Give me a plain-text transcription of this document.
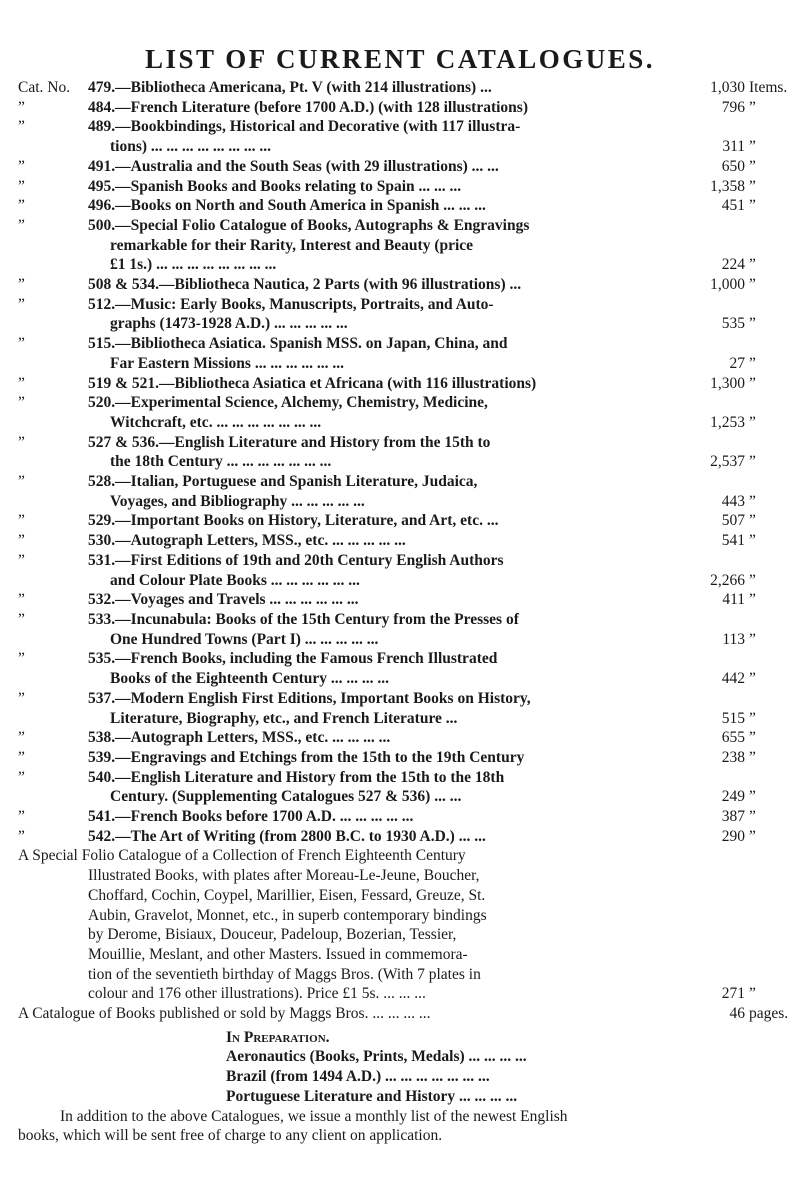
LIST OF CURRENT CATALOGUES.
Cat. No.	479.—Bibliotheca Americana, Pt. V (with 214 illustrations) ...	1,030 Items.
”	484.—French Literature (before 1700 A.D.) (with 128 illustrations)	796 ”
”	489.—Bookbindings, Historical and Decorative (with 117 illustra-
tions) ... ... ... ... ... ... ... ...	311 ”
”	491.—Australia and the South Seas (with 29 illustrations) ... ...	650 ”
”	495.—Spanish Books and Books relating to Spain ... ... ...	1,358 ”
”	496.—Books on North and South America in Spanish ... ... ...	451 ”
”	500.—Special Folio Catalogue of Books, Autographs & Engravings
remarkable for their Rarity, Interest and Beauty (price
£1 1s.) ... ... ... ... ... ... ... ...	224 ”
”	508 & 534.—Bibliotheca Nautica, 2 Parts (with 96 illustrations) ...	1,000 ”
”	512.—Music: Early Books, Manuscripts, Portraits, and Auto-
graphs (1473-1928 A.D.) ... ... ... ... ...	535 ”
”	515.—Bibliotheca Asiatica. Spanish MSS. on Japan, China, and
Far Eastern Missions ... ... ... ... ... ...	27 ”
”	519 & 521.—Bibliotheca Asiatica et Africana (with 116 illustrations)	1,300 ”
”	520.—Experimental Science, Alchemy, Chemistry, Medicine,
Witchcraft, etc. ... ... ... ... ... ... ...	1,253 ”
”	527 & 536.—English Literature and History from the 15th to
the 18th Century ... ... ... ... ... ... ...	2,537 ”
”	528.—Italian, Portuguese and Spanish Literature, Judaica,
Voyages, and Bibliography ... ... ... ... ...	443 ”
”	529.—Important Books on History, Literature, and Art, etc. ...	507 ”
”	530.—Autograph Letters, MSS., etc. ... ... ... ... ...	541 ”
”	531.—First Editions of 19th and 20th Century English Authors
and Colour Plate Books ... ... ... ... ... ...	2,266 ”
”	532.—Voyages and Travels ... ... ... ... ... ...	411 ”
”	533.—Incunabula: Books of the 15th Century from the Presses of
One Hundred Towns (Part I) ... ... ... ... ...	113 ”
”	535.—French Books, including the Famous French Illustrated
Books of the Eighteenth Century ... ... ... ...	442 ”
”	537.—Modern English First Editions, Important Books on History,
Literature, Biography, etc., and French Literature ...	515 ”
”	538.—Autograph Letters, MSS., etc. ... ... ... ...	655 ”
”	539.—Engravings and Etchings from the 15th to the 19th Century	238 ”
”	540.—English Literature and History from the 15th to the 18th
Century. (Supplementing Catalogues 527 & 536) ... ...	249 ”
”	541.—French Books before 1700 A.D. ... ... ... ... ...	387 ”
”	542.—The Art of Writing (from 2800 B.C. to 1930 A.D.) ... ...	290 ”
A Special Folio Catalogue of a Collection of French Eighteenth Century
Illustrated Books, with plates after Moreau-Le-Jeune, Boucher,
Choffard, Cochin, Coypel, Marillier, Eisen, Fessard, Greuze, St.
Aubin, Gravelot, Monnet, etc., in superb contemporary bindings
by Derome, Bisiaux, Douceur, Padeloup, Bozerian, Tessier,
Mouillie, Meslant, and other Masters. Issued in commemora-
tion of the seventieth birthday of Maggs Bros. (With 7 plates in
colour and 176 other illustrations). Price £1 5s. ... ... ...	271 ”
A Catalogue of Books published or sold by Maggs Bros. ... ... ... ...	46 pages.
In Preparation.
Aeronautics (Books, Prints, Medals) ... ... ... ...
Brazil (from 1494 A.D.) ... ... ... ... ... ... ...
Portuguese Literature and History ... ... ... ...
In addition to the above Catalogues, we issue a monthly list of the newest English
books, which will be sent free of charge to any client on application.
